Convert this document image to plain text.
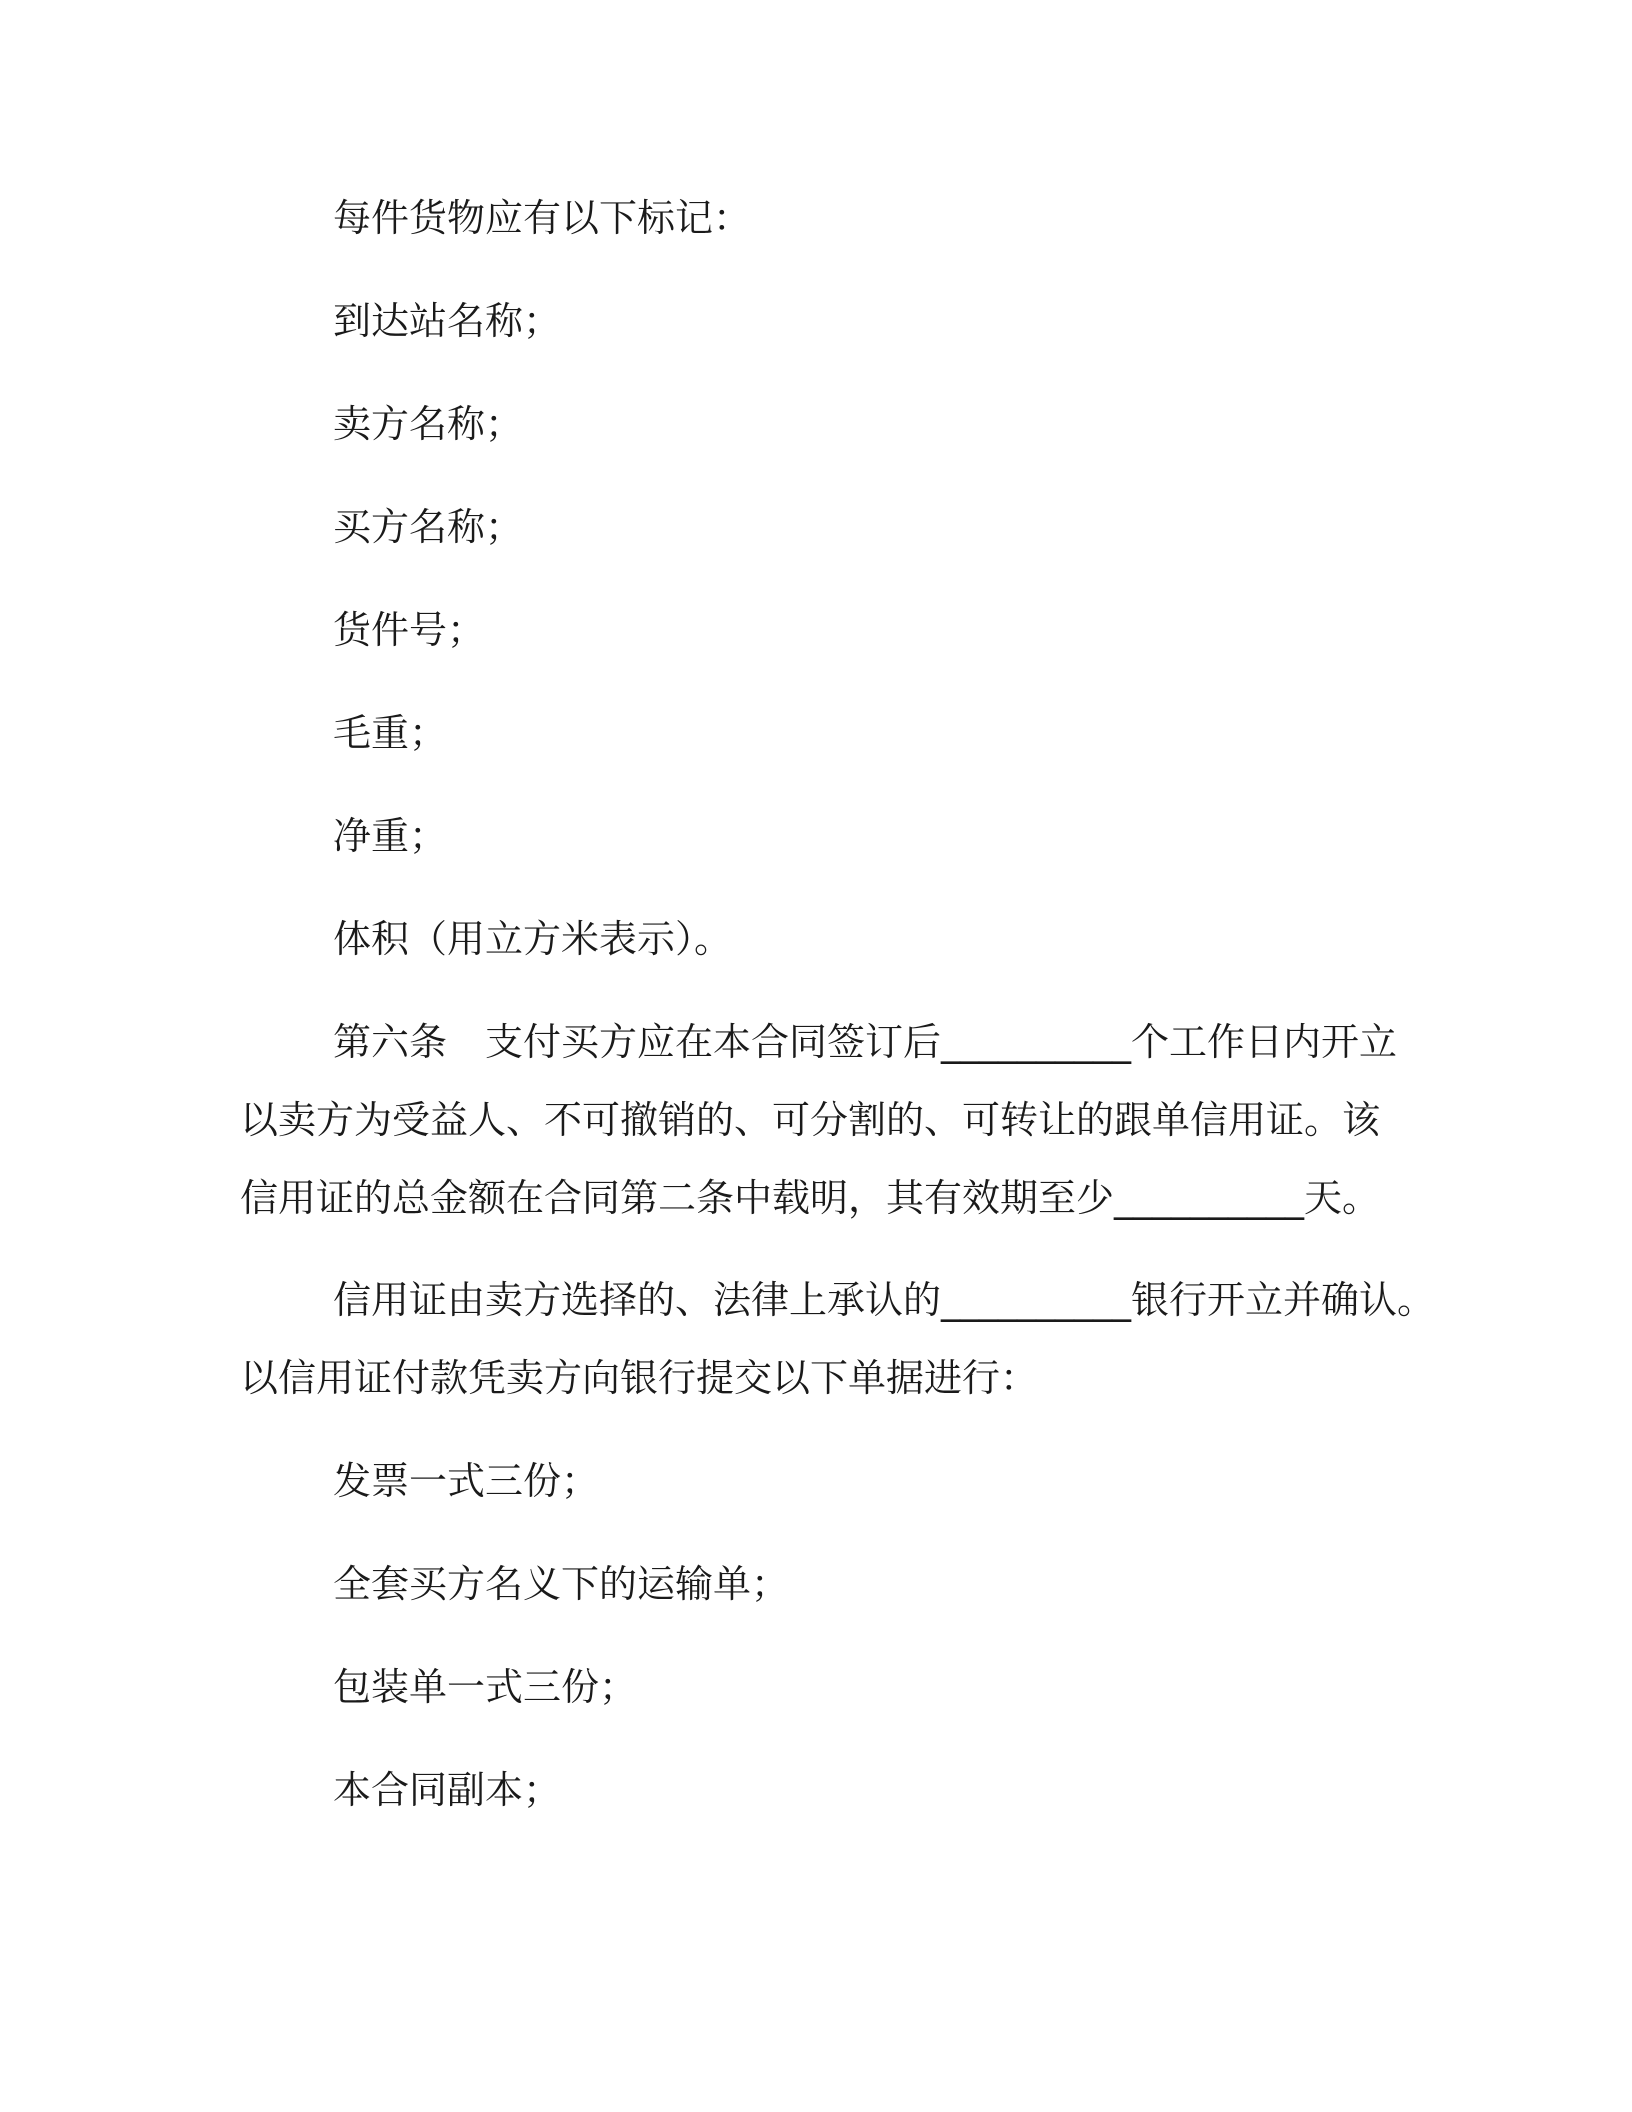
每件货物应有以下标记：
到达站名称；
卖方名称；
买方名称；
货件号；
毛重；
净重；
体积（用立方米表示）。
第六条　支付买方应在本合同签订后__________个工作日内开立
以卖方为受益人、不可撤销的、可分割的、可转让的跟单信用证。该
信用证的总金额在合同第二条中载明，其有效期至少__________天。
信用证由卖方选择的、法律上承认的__________银行开立并确认。
以信用证付款凭卖方向银行提交以下单据进行：
发票一式三份；
全套买方名义下的运输单；
包装单一式三份；
本合同副本；
